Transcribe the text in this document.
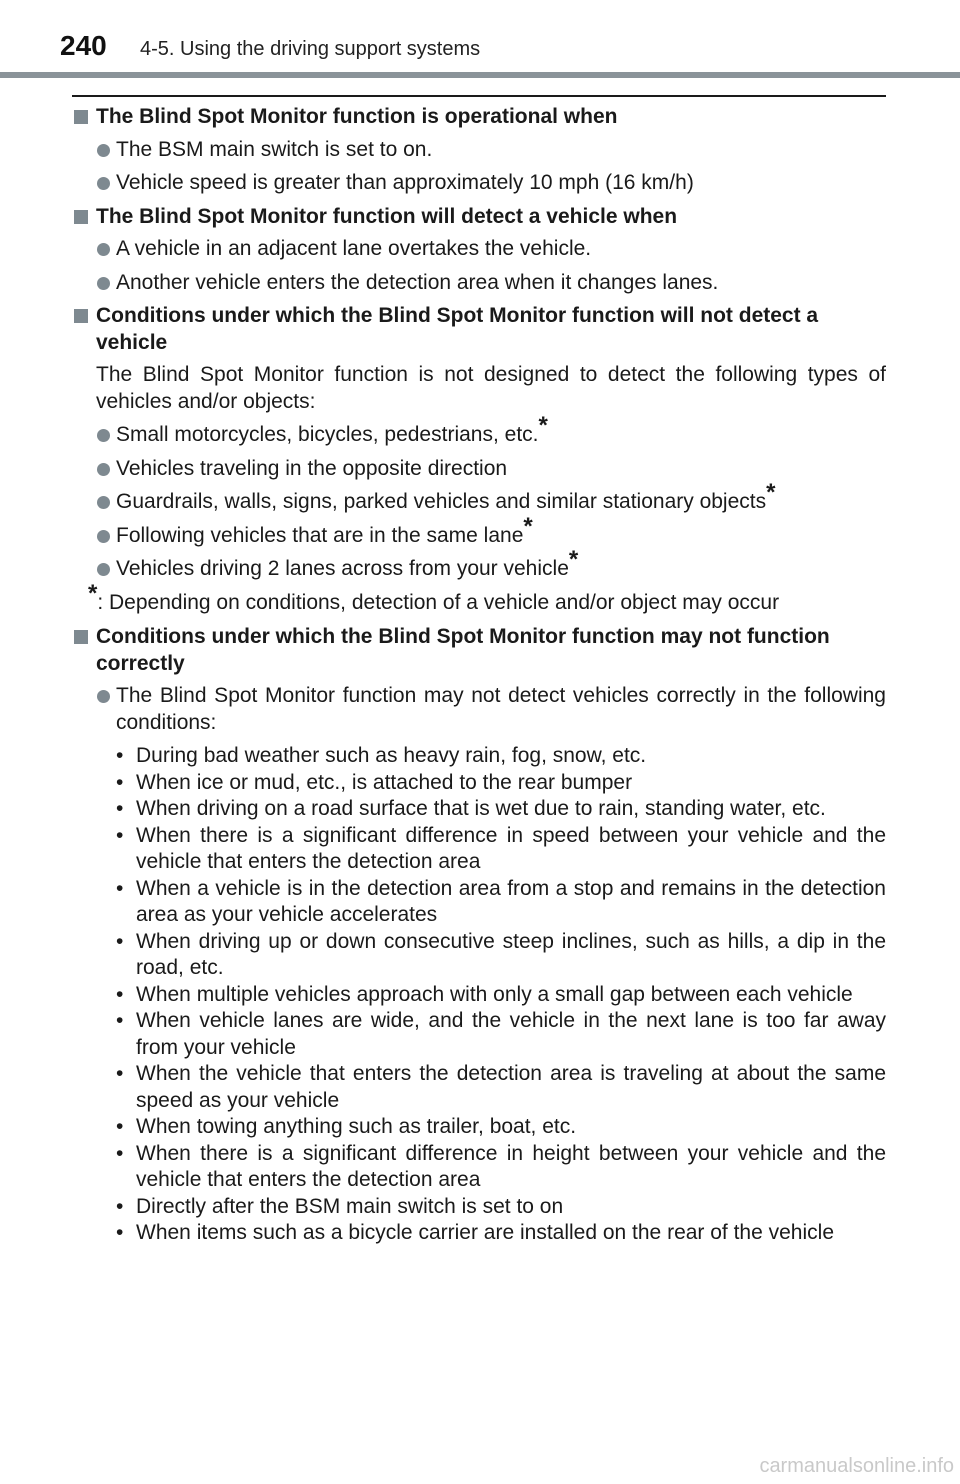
240 4-5. Using the driving support systems
The Blind Spot Monitor function is operational when
The BSM main switch is set to on.
Vehicle speed is greater than approximately 10 mph (16 km/h)
The Blind Spot Monitor function will detect a vehicle when
A vehicle in an adjacent lane overtakes the vehicle.
Another vehicle enters the detection area when it changes lanes.
Conditions under which the Blind Spot Monitor function will not detect a vehicle
The Blind Spot Monitor function is not designed to detect the following types of vehicles and/or objects:
Small motorcycles, bicycles, pedestrians, etc.*
Vehicles traveling in the opposite direction
Guardrails, walls, signs, parked vehicles and similar stationary objects*
Following vehicles that are in the same lane*
Vehicles driving 2 lanes across from your vehicle*
*: Depending on conditions, detection of a vehicle and/or object may occur
Conditions under which the Blind Spot Monitor function may not function correctly
The Blind Spot Monitor function may not detect vehicles correctly in the following conditions:
• During bad weather such as heavy rain, fog, snow, etc.
• When ice or mud, etc., is attached to the rear bumper
• When driving on a road surface that is wet due to rain, standing water, etc.
• When there is a significant difference in speed between your vehicle and the vehicle that enters the detection area
• When a vehicle is in the detection area from a stop and remains in the detection area as your vehicle accelerates
• When driving up or down consecutive steep inclines, such as hills, a dip in the road, etc.
• When multiple vehicles approach with only a small gap between each vehicle
• When vehicle lanes are wide, and the vehicle in the next lane is too far away from your vehicle
• When the vehicle that enters the detection area is traveling at about the same speed as your vehicle
• When towing anything such as trailer, boat, etc.
• When there is a significant difference in height between your vehicle and the vehicle that enters the detection area
• Directly after the BSM main switch is set to on
• When items such as a bicycle carrier are installed on the rear of the vehicle
carmanualsonline.info
